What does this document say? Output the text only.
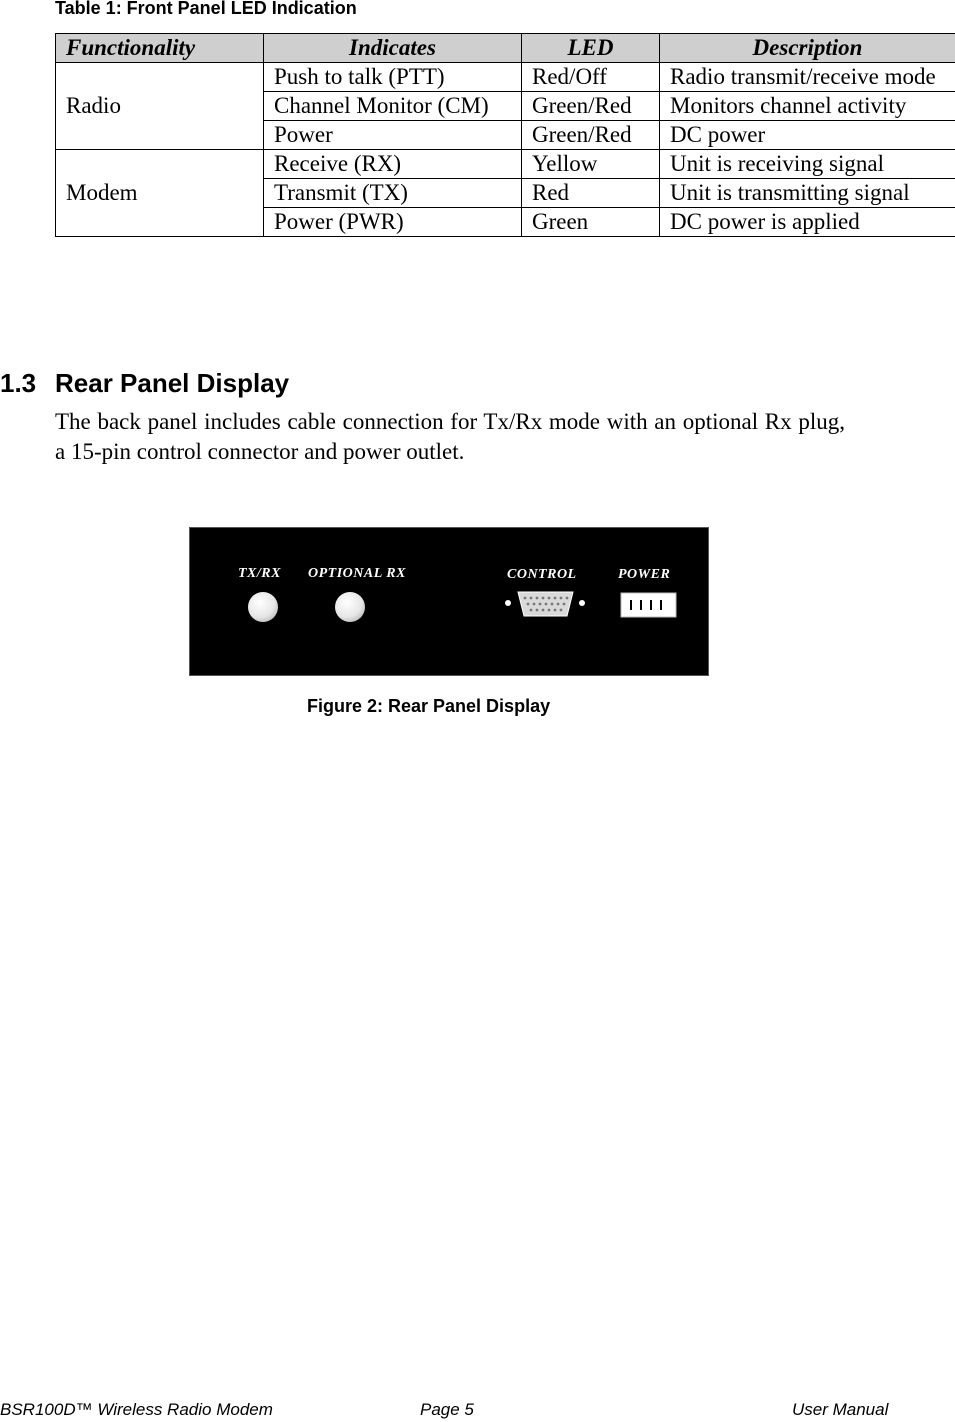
Table 1: Front Panel LED Indication
Functionality	Indicates	LED	Description
Radio	Push to talk (PTT)	Red/Off	Radio transmit/receive mode
	Channel Monitor (CM)	Green/Red	Monitors channel activity
	Power	Green/Red	DC power
Modem	Receive (RX)	Yellow	Unit is receiving signal
	Transmit (TX)	Red	Unit is transmitting signal
	Power (PWR)	Green	DC power is applied
1.3 Rear Panel Display
The back panel includes cable connection for Tx/Rx mode with an optional Rx plug, a 15-pin control connector and power outlet.
TX/RX OPTIONAL RX	CONTROL	POWER
Figure 2: Rear Panel Display
BSR100D™ Wireless Radio Modem	Page 5	User Manual
